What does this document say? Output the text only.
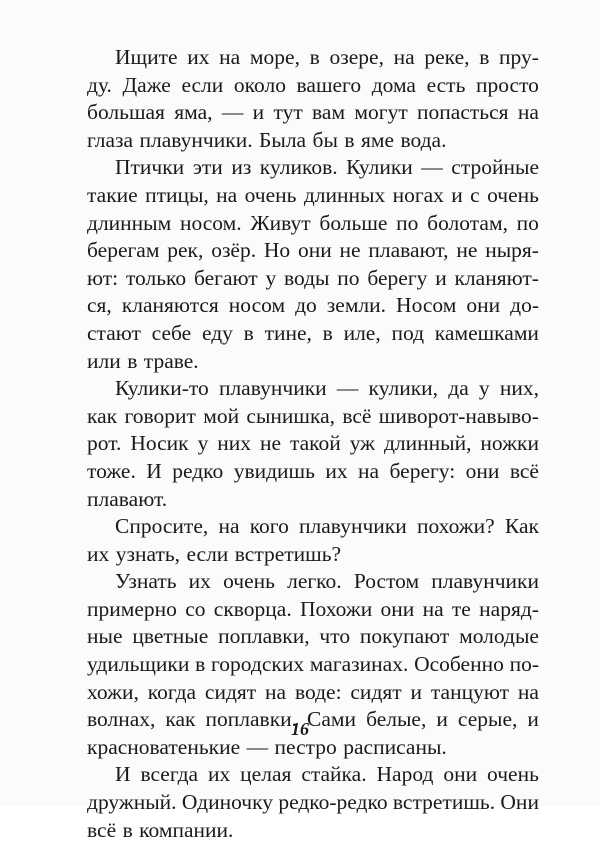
Ищите их на море, в озере, на реке, в пру-
ду. Даже если около вашего дома есть просто
большая яма, — и тут вам могут попасться на
глаза плавунчики. Была бы в яме вода.
Птички эти из куликов. Кулики — стройные
такие птицы, на очень длинных ногах и с очень
длинным носом. Живут больше по болотам, по
берегам рек, озёр. Но они не плавают, не ныря-
ют: только бегают у воды по берегу и кланяют-
ся, кланяются носом до земли. Носом они до-
стают себе еду в тине, в иле, под камешками
или в траве.
Кулики-то плавунчики — кулики, да у них,
как говорит мой сынишка, всё шиворот-навыво-
рот. Носик у них не такой уж длинный, ножки
тоже. И редко увидишь их на берегу: они всё
плавают.
Спросите, на кого плавунчики похожи? Как
их узнать, если встретишь?
Узнать их очень легко. Ростом плавунчики
примерно со скворца. Похожи они на те наряд-
ные цветные поплавки, что покупают молодые
удильщики в городских магазинах. Особенно по-
хожи, когда сидят на воде: сидят и танцуют на
волнах, как поплавки. Сами белые, и серые, и
красноватенькие — пестро расписаны.
И всегда их целая стайка. Народ они очень
дружный. Одиночку редко-редко встретишь. Они
всё в компании.
16
